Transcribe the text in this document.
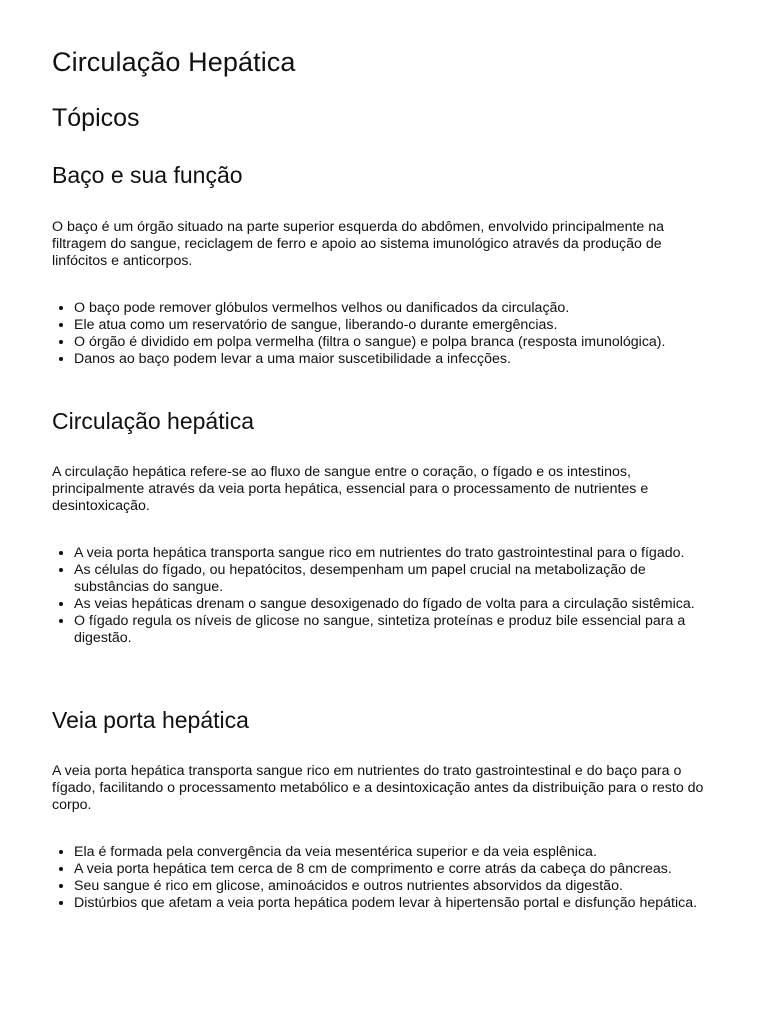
Circulação Hepática
Tópicos
Baço e sua função

O baço é um órgão situado na parte superior esquerda do abdômen, envolvido principalmente na filtragem do sangue, reciclagem de ferro e apoio ao sistema imunológico através da produção de linfócitos e anticorpos.

• O baço pode remover glóbulos vermelhos velhos ou danificados da circulação.
• Ele atua como um reservatório de sangue, liberando-o durante emergências.
• O órgão é dividido em polpa vermelha (filtra o sangue) e polpa branca (resposta imunológica).
• Danos ao baço podem levar a uma maior suscetibilidade a infecções.
Circulação hepática

A circulação hepática refere-se ao fluxo de sangue entre o coração, o fígado e os intestinos, principalmente através da veia porta hepática, essencial para o processamento de nutrientes e desintoxicação.

• A veia porta hepática transporta sangue rico em nutrientes do trato gastrointestinal para o fígado.
• As células do fígado, ou hepatócitos, desempenham um papel crucial na metabolização de substâncias do sangue.
• As veias hepáticas drenam o sangue desoxigenado do fígado de volta para a circulação sistêmica.
• O fígado regula os níveis de glicose no sangue, sintetiza proteínas e produz bile essencial para a digestão.
Veia porta hepática

A veia porta hepática transporta sangue rico em nutrientes do trato gastrointestinal e do baço para o fígado, facilitando o processamento metabólico e a desintoxicação antes da distribuição para o resto do corpo.

• Ela é formada pela convergência da veia mesentérica superior e da veia esplênica.
• A veia porta hepática tem cerca de 8 cm de comprimento e corre atrás da cabeça do pâncreas.
• Seu sangue é rico em glicose, aminoácidos e outros nutrientes absorvidos da digestão.
• Distúrbios que afetam a veia porta hepática podem levar à hipertensão portal e disfunção hepática.
